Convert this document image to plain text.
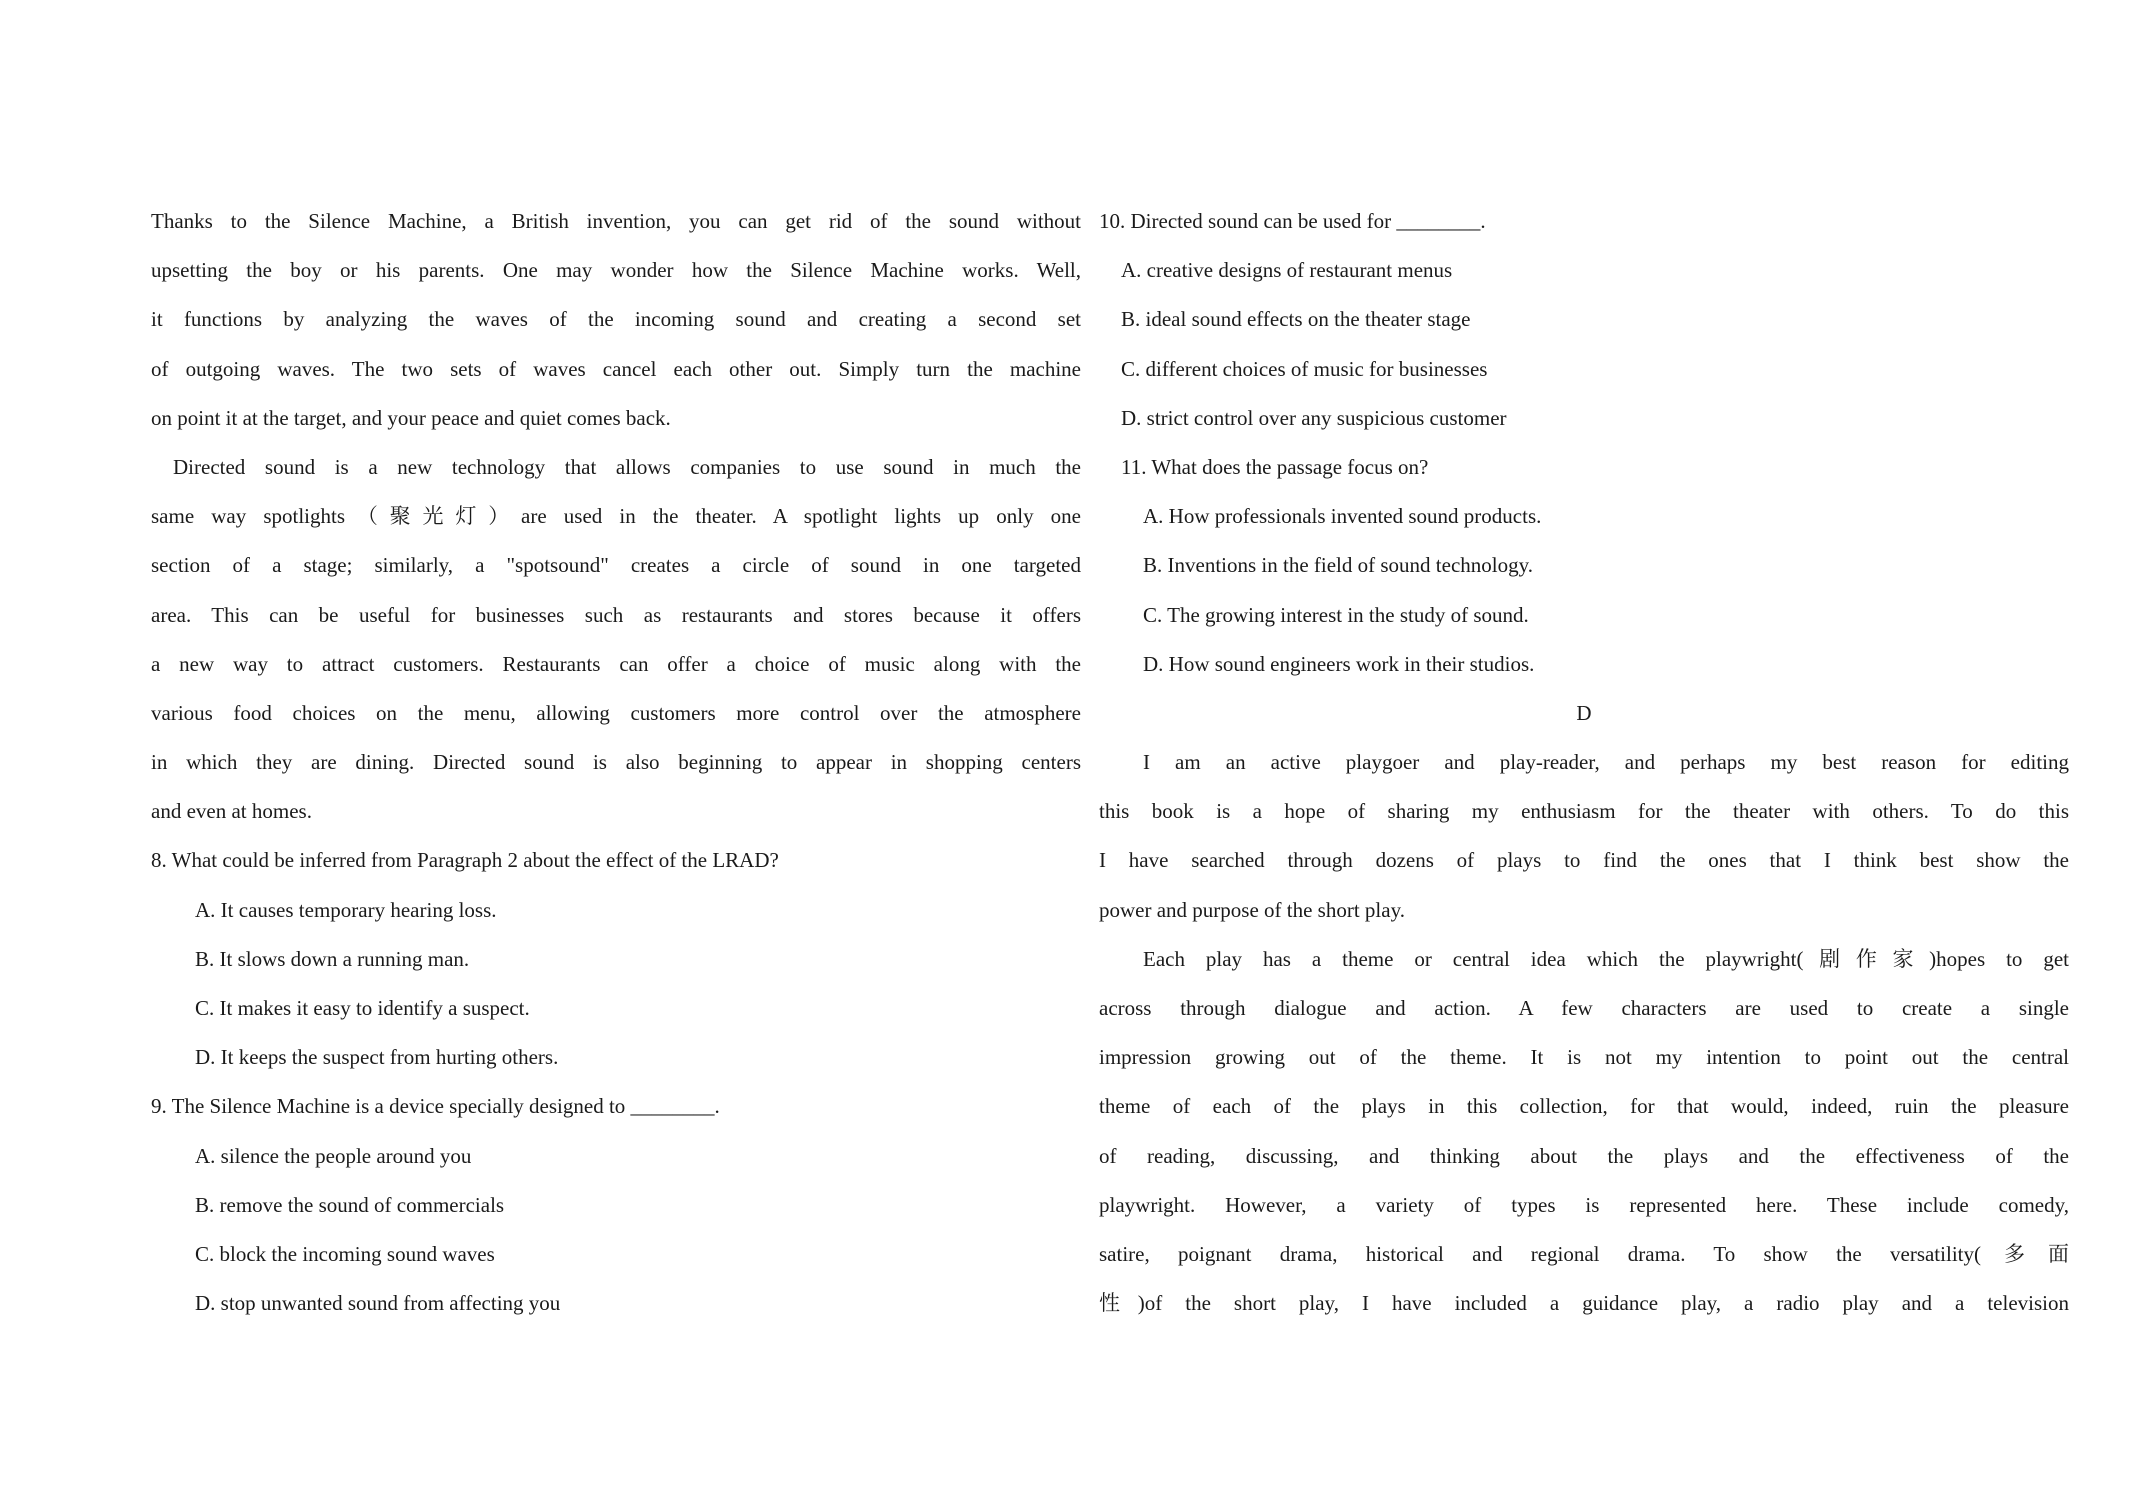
Thanks to the Silence Machine, a British invention, you can get rid of the sound without
upsetting the boy or his parents. One may wonder how the Silence Machine works. Well,
it functions by analyzing the waves of the incoming sound and creating a second set
of outgoing waves. The two sets of waves cancel each other out. Simply turn the machine
on point it at the target, and your peace and quiet comes back.
Directed sound is a new technology that allows companies to use sound in much the
same way spotlights（聚光灯）are used in the theater. A spotlight lights up only one
section of a stage; similarly, a "spotsound" creates a circle of sound in one targeted
area. This can be useful for businesses such as restaurants and stores because it offers
a new way to attract customers. Restaurants can offer a choice of music along with the
various food choices on the menu, allowing customers more control over the atmosphere
in which they are dining. Directed sound is also beginning to appear in shopping centers
and even at homes.
8. What could be inferred from Paragraph 2 about the effect of the LRAD?
A. It causes temporary hearing loss.
B. It slows down a running man.
C. It makes it easy to identify a suspect.
D. It keeps the suspect from hurting others.
9. The Silence Machine is a device specially designed to ________.
A. silence the people around you
B. remove the sound of commercials
C. block the incoming sound waves
D. stop unwanted sound from affecting you
10. Directed sound can be used for ________.
A. creative designs of restaurant menus
B. ideal sound effects on the theater stage
C. different choices of music for businesses
D. strict control over any suspicious customer
11. What does the passage focus on?
A. How professionals invented sound products.
B. Inventions in the field of sound technology.
C. The growing interest in the study of sound.
D. How sound engineers work in their studios.
D
I am an active playgoer and play-reader, and perhaps my best reason for editing
this book is a hope of sharing my enthusiasm for the theater with others. To do this
I have searched through dozens of plays to find the ones that I think best show the
power and purpose of the short play.
Each play has a theme or central idea which the playwright(剧作家)hopes to get
across through dialogue and action. A few characters are used to create a single
impression growing out of the theme. It is not my intention to point out the central
theme of each of the plays in this collection, for that would, indeed, ruin the pleasure
of reading, discussing, and thinking about the plays and the effectiveness of the
playwright. However, a variety of types is represented here. These include comedy,
satire, poignant drama, historical and regional drama. To show the versatility(多面
性)of the short play, I have included a guidance play, a radio play and a television
